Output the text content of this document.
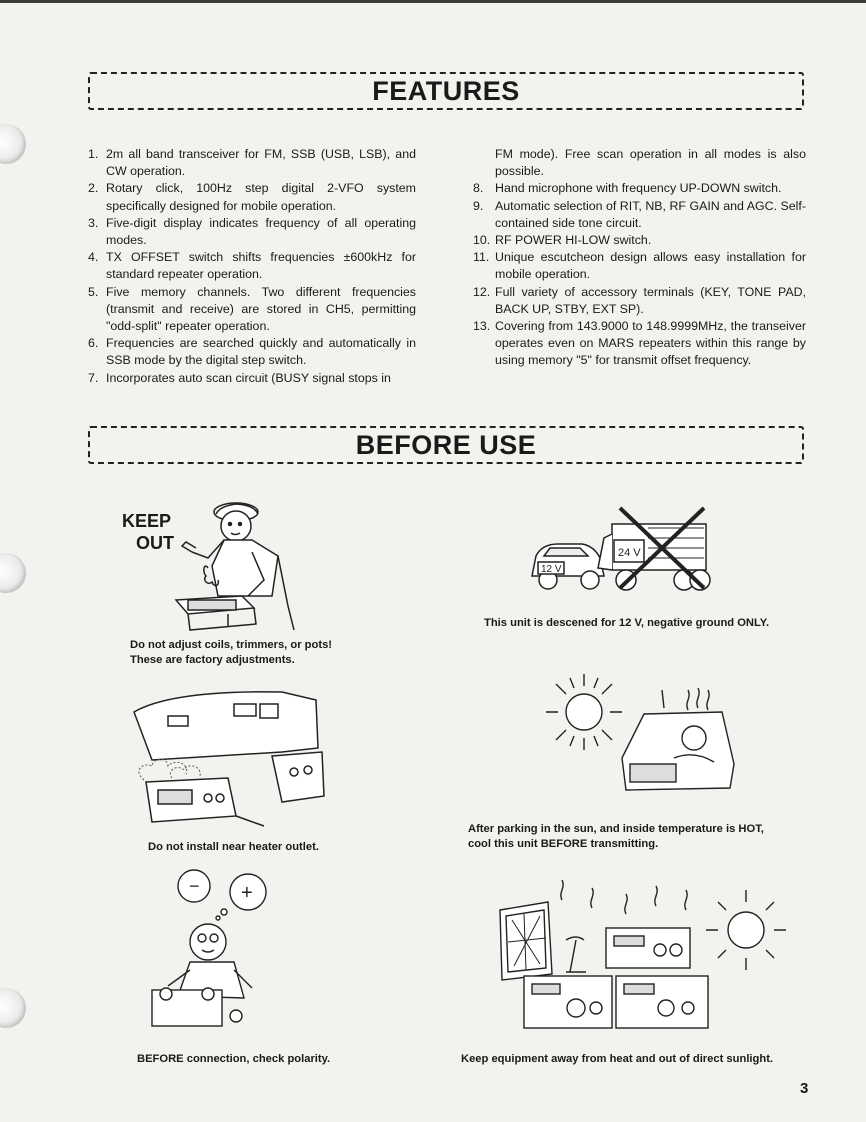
FEATURES
1. 2m all band transceiver for FM, SSB (USB, LSB), and CW operation.
2. Rotary click, 100Hz step digital 2-VFO system specifically designed for mobile operation.
3. Five-digit display indicates frequency of all operating modes.
4. TX OFFSET switch shifts frequencies ±600kHz for standard repeater operation.
5. Five memory channels. Two different frequencies (transmit and receive) are stored in CH5, permitting "odd-split" repeater operation.
6. Frequencies are searched quickly and automatically in SSB mode by the digital step switch.
7. Incorporates auto scan circuit (BUSY signal stops in
FM mode). Free scan operation in all modes is also possible.
8. Hand microphone with frequency UP-DOWN switch.
9. Automatic selection of RIT, NB, RF GAIN and AGC. Self-contained side tone circuit.
10. RF POWER HI-LOW switch.
11. Unique escutcheon design allows easy installation for mobile operation.
12. Full variety of accessory terminals (KEY, TONE PAD, BACK UP, STBY, EXT SP).
13. Covering from 143.9000 to 148.9999MHz, the transeiver operates even on MARS repeaters within this range by using memory "5" for transmit offset frequency.
BEFORE USE
KEEP
OUT
Do not adjust coils, trimmers, or pots!
These are factory adjustments.
12 V
24 V
This unit is descened for 12 V, negative ground ONLY.
Do not install near heater outlet.
After parking in the sun, and inside temperature is HOT,
cool this unit BEFORE transmitting.
+
−
BEFORE connection, check polarity.	Keep equipment away from heat and out of direct sunlight.
3
